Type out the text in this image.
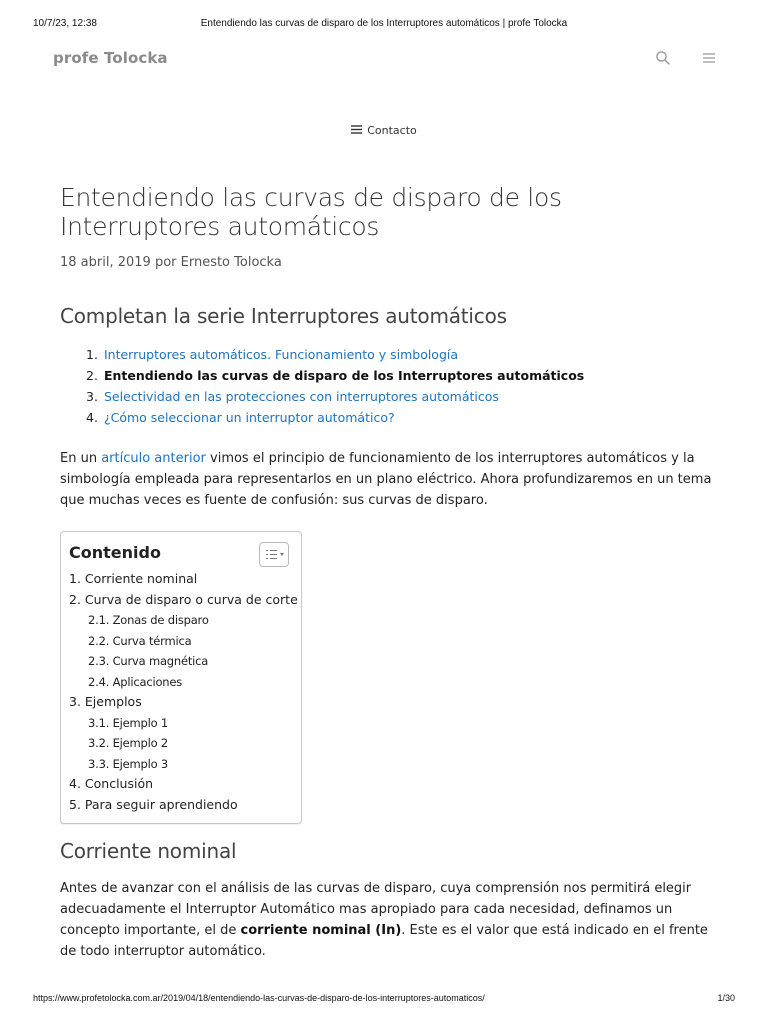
10/7/23, 12:38	Entendiendo las curvas de disparo de los Interruptores automáticos | profe Tolocka
profe Tolocka
Contacto
Entendiendo las curvas de disparo de los Interruptores automáticos
18 abril, 2019 por Ernesto Tolocka
Completan la serie Interruptores automáticos
1. Interruptores automáticos. Funcionamiento y simbología
2. Entendiendo las curvas de disparo de los Interruptores automáticos
3. Selectividad en las protecciones con interruptores automáticos
4. ¿Cómo seleccionar un interruptor automático?

En un artículo anterior vimos el principio de funcionamiento de los interruptores automáticos y la simbología empleada para representarlos en un plano eléctrico. Ahora profundizaremos en un tema que muchas veces es fuente de confusión: sus curvas de disparo.

Contenido
1. Corriente nominal
2. Curva de disparo o curva de corte
2.1. Zonas de disparo
2.2. Curva térmica
2.3. Curva magnética
2.4. Aplicaciones
3. Ejemplos
3.1. Ejemplo 1
3.2. Ejemplo 2
3.3. Ejemplo 3
4. Conclusión
5. Para seguir aprendiendo
Corriente nominal

Antes de avanzar con el análisis de las curvas de disparo, cuya comprensión nos permitirá elegir adecuadamente el Interruptor Automático mas apropiado para cada necesidad, definamos un concepto importante, el de corriente nominal (In). Este es el valor que está indicado en el frente de todo interruptor automático.

https://www.profetolocka.com.ar/2019/04/18/entendiendo-las-curvas-de-disparo-de-los-interruptores-automaticos/	1/30
